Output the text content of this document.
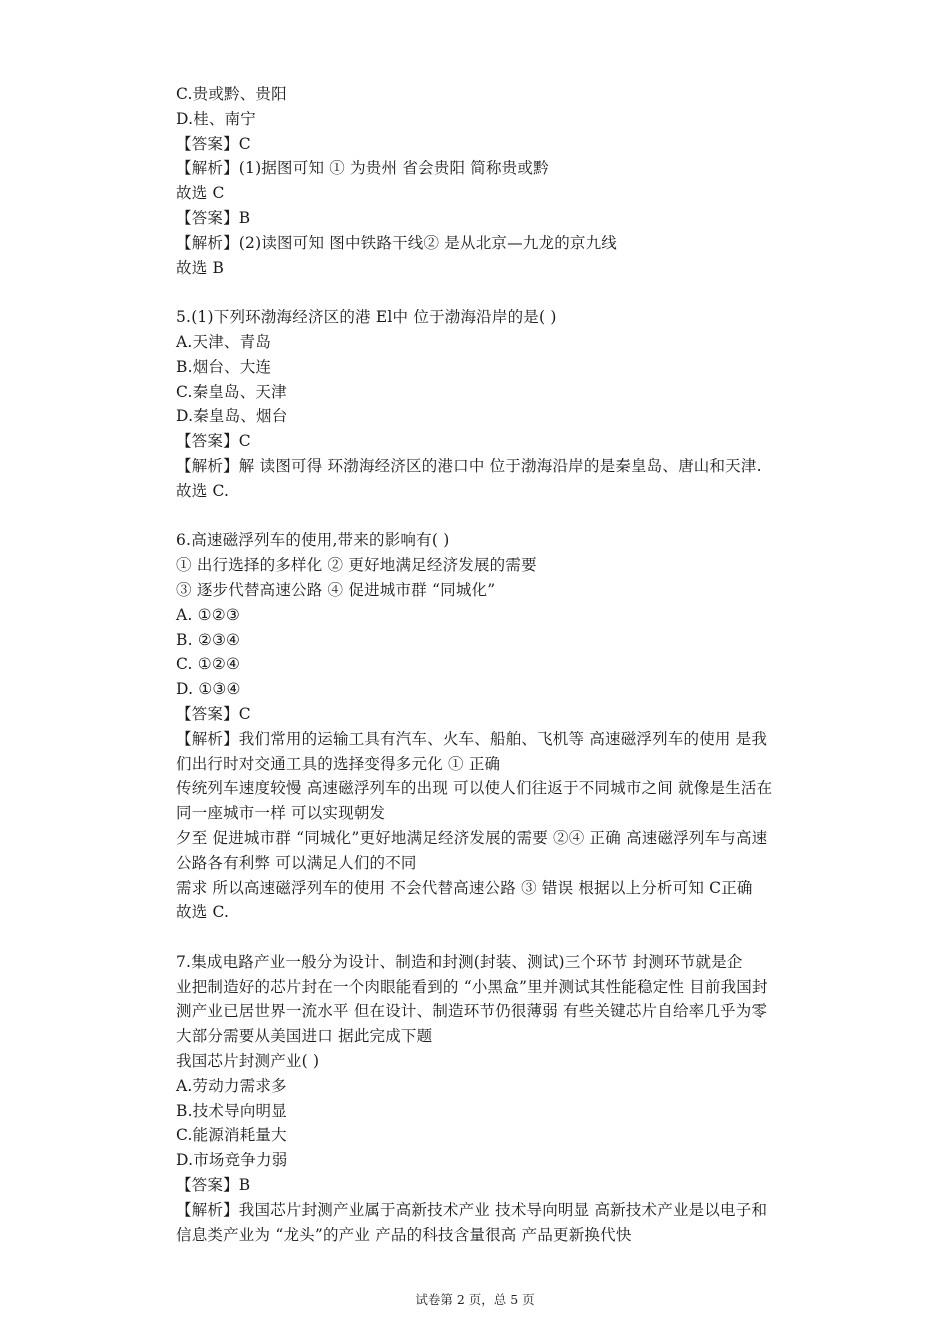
C.贵或黔、贵阳
D.桂、南宁
【答案】C
【解析】(1)据图可知 ① 为贵州 省会贵阳 简称贵或黔
故选 C
【答案】B
【解析】(2)读图可知 图中铁路干线② 是从北京—九龙的京九线
故选 B
5.(1)下列环渤海经济区的港 El中 位于渤海沿岸的是( )
A.天津、青岛
B.烟台、大连
C.秦皇岛、天津
D.秦皇岛、烟台
【答案】C
【解析】解 读图可得 环渤海经济区的港口中 位于渤海沿岸的是秦皇岛、唐山和天津.
故选 C.
6.高速磁浮列车的使用,带来的影响有( )
① 出行选择的多样化 ② 更好地满足经济发展的需要
③ 逐步代替高速公路 ④ 促进城市群 “同城化”
A. ①②③
B. ②③④
C. ①②④
D. ①③④
【答案】C
【解析】我们常用的运输工具有汽车、火车、船舶、飞机等 高速磁浮列车的使用 是我
们出行时对交通工具的选择变得多元化 ① 正确
传统列车速度较慢 高速磁浮列车的出现 可以使人们往返于不同城市之间 就像是生活在
同一座城市一样 可以实现朝发
夕至 促进城市群 “同城化”更好地满足经济发展的需要 ②④ 正确 高速磁浮列车与高速
公路各有利弊 可以满足人们的不同
需求 所以高速磁浮列车的使用 不会代替高速公路 ③ 错误 根据以上分析可知 C正确
故选 C.
7.集成电路产业一般分为设计、制造和封测(封装、测试)三个环节 封测环节就是企
业把制造好的芯片封在一个肉眼能看到的 “小黑盒”里并测试其性能稳定性 目前我国封
测产业已居世界一流水平 但在设计、制造环节仍很薄弱 有些关键芯片自给率几乎为零
大部分需要从美国进口 据此完成下题
我国芯片封测产业( )
A.劳动力需求多
B.技术导向明显
C.能源消耗量大
D.市场竞争力弱
【答案】B
【解析】我国芯片封测产业属于高新技术产业 技术导向明显 高新技术产业是以电子和
信息类产业为 “龙头”的产业 产品的科技含量很高 产品更新换代快
试卷第 2 页，总 5 页
